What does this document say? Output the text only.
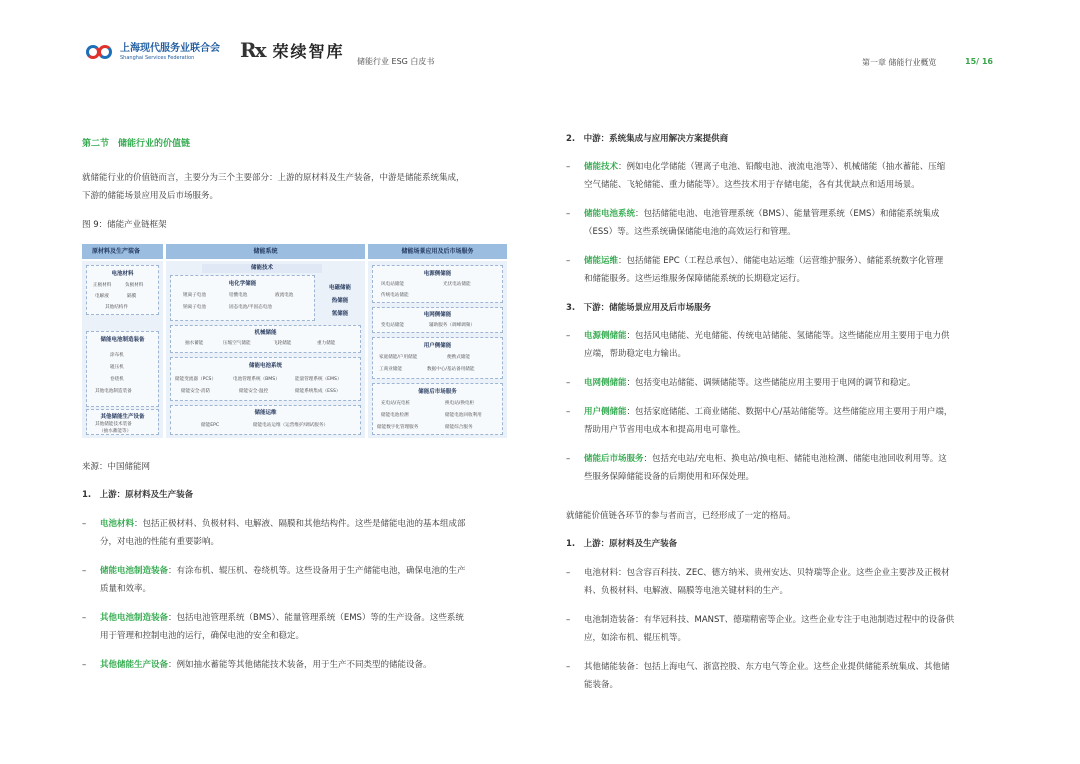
上海现代服务业联合会
Shanghai Services Federation	Rx 荣续智库
储能行业 ESG 白皮书	第一章 储能行业概览	15/ 16
第二节　储能行业的价值链
就储能行业的价值链而言，主要分为三个主要部分：上游的原材料及生产装备，中游是储能系统集成，
下游的储能场景应用及后市场服务。
图 9：储能产业链框架
来源：中国储能网
1.　上游：原材料及生产装备
–	电池材料：包括正极材料、负极材料、电解液、隔膜和其他结构件。这些是储能电池的基本组成部
分，对电池的性能有重要影响。
–	储能电池制造装备：有涂布机、辊压机、卷绕机等。这些设备用于生产储能电池，确保电池的生产
质量和效率。
–	其他电池制造装备：包括电池管理系统（BMS）、能量管理系统（EMS）等的生产设备。这些系统
用于管理和控制电池的运行，确保电池的安全和稳定。
–	其他储能生产设备：例如抽水蓄能等其他储能技术装备，用于生产不同类型的储能设备。
原材料及生产装备	储能系统	储能场景应用及后市场服务
电池材料
正极材料	负极材料
电解液	隔膜
其他结构件
储能电池制造装备
涂布机
辊压机
卷绕机
其他电池制造装备
其他储能生产设备
其他储能技术装备
（抽水蓄能等）
储能技术
电化学储能
锂离子电池	铅酸电池	液流电池
钠离子电池	固态电池/半固态电池
电磁储能
热储能
氢储能
机械储能
抽水蓄能	压缩空气储能	飞轮储能	重力储能
储能电池系统
储能变流器（PCS）	电池管理系统（BMS）	能量管理系统（EMS）
储能安全-消防	储能安全-温控	储能系统集成（ESS）
储能运维
储能EPC	储能电站运维（运营维护/调试服务）
电源侧储能
风电站储能	光伏电站储能
传统电站储能
电网侧储能
变电站储能	辅助服务（调峰调频）
用户侧储能
家庭储能/户用储能	便携式储能
工商业储能	数据中心/基站备用储能
储能后市场服务
充电站/充电桩	换电站/换电柜
储能电池检测	储能电池回收利用
储能数字化管理服务	储能综合服务
2.　中游：系统集成与应用解决方案提供商
–	储能技术：例如电化学储能（锂离子电池、铅酸电池、液流电池等）、机械储能（抽水蓄能、压缩
空气储能、飞轮储能、重力储能等）。这些技术用于存储电能，各有其优缺点和适用场景。
–	储能电池系统：包括储能电池、电池管理系统（BMS）、能量管理系统（EMS）和储能系统集成
（ESS）等。这些系统确保储能电池的高效运行和管理。
–	储能运维：包括储能 EPC（工程总承包）、储能电站运维（运营维护服务）、储能系统数字化管理
和储能服务。这些运维服务保障储能系统的长期稳定运行。
3.　下游：储能场景应用及后市场服务
–	电源侧储能：包括风电储能、光电储能、传统电站储能、氢储能等。这些储能应用主要用于电力供
应端，帮助稳定电力输出。
–	电网侧储能：包括变电站储能、调频储能等。这些储能应用主要用于电网的调节和稳定。
–	用户侧储能：包括家庭储能、工商业储能、数据中心/基站储能等。这些储能应用主要用于用户端，
帮助用户节省用电成本和提高用电可靠性。
–	储能后市场服务：包括充电站/充电柜、换电站/换电柜、储能电池检测、储能电池回收利用等。这
些服务保障储能设备的后期使用和环保处理。
就储能价值链各环节的参与者而言，已经形成了一定的格局。
1.　上游：原材料及生产装备
–	电池材料：包含容百科技、ZEC、德方纳米、贵州安达、贝特瑞等企业。这些企业主要涉及正极材
料、负极材料、电解液、隔膜等电池关键材料的生产。
–	电池制造装备：有华冠科技、MANST、德瑞精密等企业。这些企业专注于电池制造过程中的设备供
应，如涂布机、辊压机等。
–	其他储能装备：包括上海电气、浙富控股、东方电气等企业。这些企业提供储能系统集成、其他储
能装备。
